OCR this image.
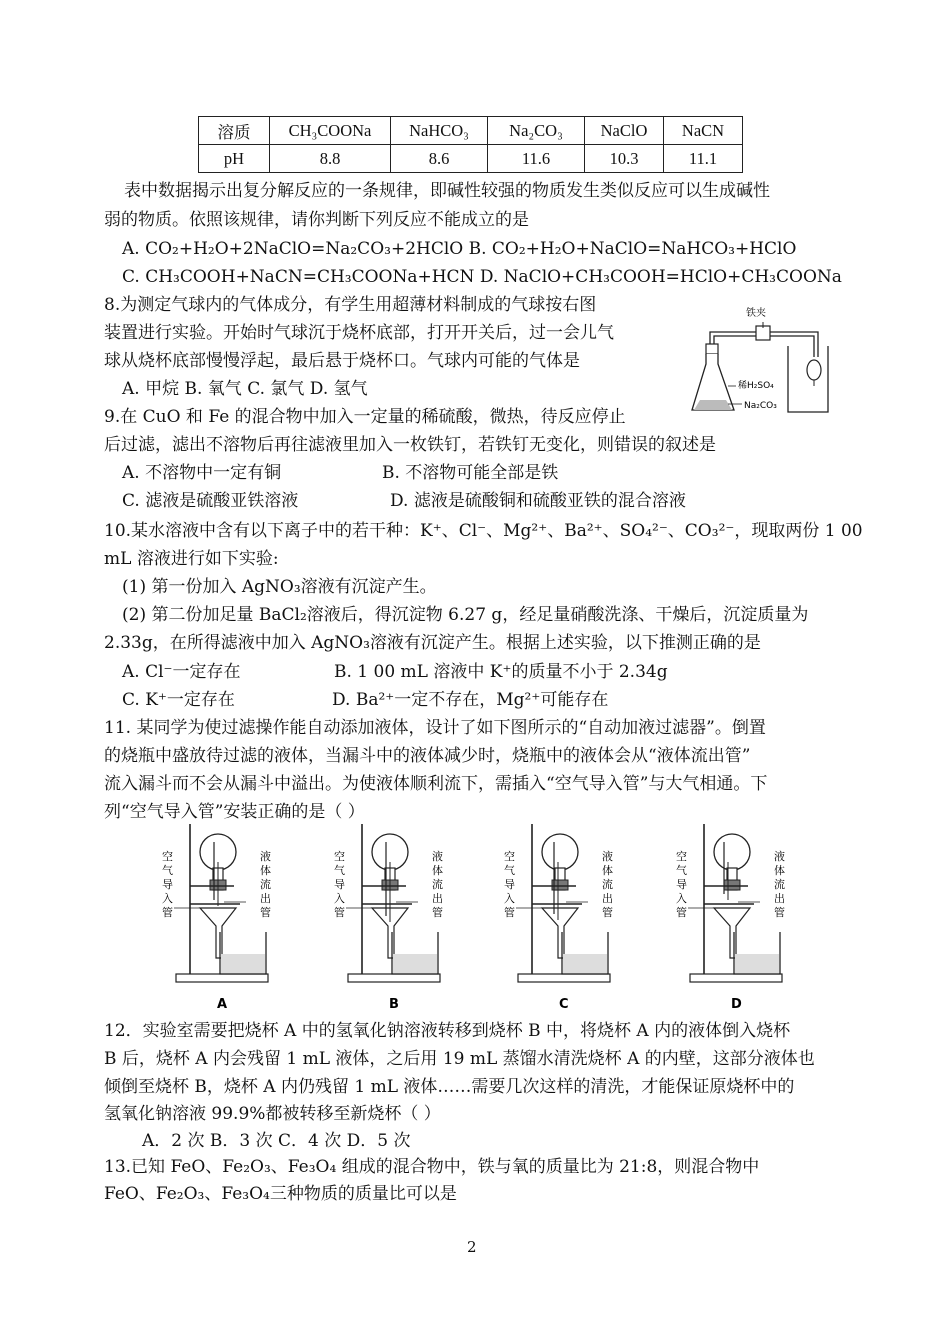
溶质	CH₃COONa	NaHCO₃	Na₂CO₃	NaClO	NaCN
pH	8.8	8.6	11.6	10.3	11.1
表中数据揭示出复分解反应的一条规律，即碱性较强的物质发生类似反应可以生成碱性
弱的物质。依照该规律，请你判断下列反应不能成立的是
A. CO₂+H₂O+2NaClO=Na₂CO₃+2HClO B. CO₂+H₂O+NaClO=NaHCO₃+HClO
C. CH₃COOH+NaCN=CH₃COONa+HCN D. NaClO+CH₃COOH=HClO+CH₃COONa
8.为测定气球内的气体成分，有学生用超薄材料制成的气球按右图
装置进行实验。开始时气球沉于烧杯底部，打开开关后，过一会儿气
球从烧杯底部慢慢浮起，最后悬于烧杯口。气球内可能的气体是
A. 甲烷 B. 氧气 C. 氯气 D. 氢气
铁夹
稀H₂SO₄
Na₂CO₃
9.在 CuO 和 Fe 的混合物中加入一定量的稀硫酸，微热，待反应停止
后过滤，滤出不溶物后再往滤液里加入一枚铁钉，若铁钉无变化，则错误的叙述是
A. 不溶物中一定有铜	B. 不溶物可能全部是铁
C. 滤液是硫酸亚铁溶液	D. 滤液是硫酸铜和硫酸亚铁的混合溶液
10.某水溶液中含有以下离子中的若干种：K⁺、Cl⁻、Mg²⁺、Ba²⁺、SO₄²⁻、CO₃²⁻，现取两份 1 00
mL 溶液进行如下实验:
(1) 第一份加入 AgNO₃溶液有沉淀产生。
(2) 第二份加足量 BaCl₂溶液后，得沉淀物 6.27 g，经足量硝酸洗涤、干燥后，沉淀质量为
2.33g，在所得滤液中加入 AgNO₃溶液有沉淀产生。根据上述实验，以下推测正确的是
A. Cl⁻一定存在	B. 1 00 mL 溶液中 K⁺的质量不小于 2.34g
C. K⁺一定存在	D. Ba²⁺一定不存在，Mg²⁺可能存在
11. 某同学为使过滤操作能自动添加液体，设计了如下图所示的“自动加液过滤器”。倒置
的烧瓶中盛放待过滤的液体，当漏斗中的液体减少时，烧瓶中的液体会从“液体流出管”
流入漏斗而不会从漏斗中溢出。为使液体顺利流下，需插入“空气导入管”与大气相通。下
列“空气导入管”安装正确的是（ ）
空气导入管
液体流出管
A
空气导入管
液体流出管
B
空气导入管
液体流出管
C
空气导入管
液体流出管
D
12．实验室需要把烧杯 A 中的氢氧化钠溶液转移到烧杯 B 中，将烧杯 A 内的液体倒入烧杯
B 后，烧杯 A 内会残留 1 mL 液体，之后用 19 mL 蒸馏水清洗烧杯 A 的内壁，这部分液体也
倾倒至烧杯 B，烧杯 A 内仍残留 1 mL 液体……需要几次这样的清洗，才能保证原烧杯中的
氢氧化钠溶液 99.9%都被转移至新烧杯（ ）
A．2 次 B．3 次 C．4 次 D．5 次
13.已知 FeO、Fe₂O₃、Fe₃O₄ 组成的混合物中，铁与氧的质量比为 21:8，则混合物中
FeO、Fe₂O₃、Fe₃O₄三种物质的质量比可以是
2
